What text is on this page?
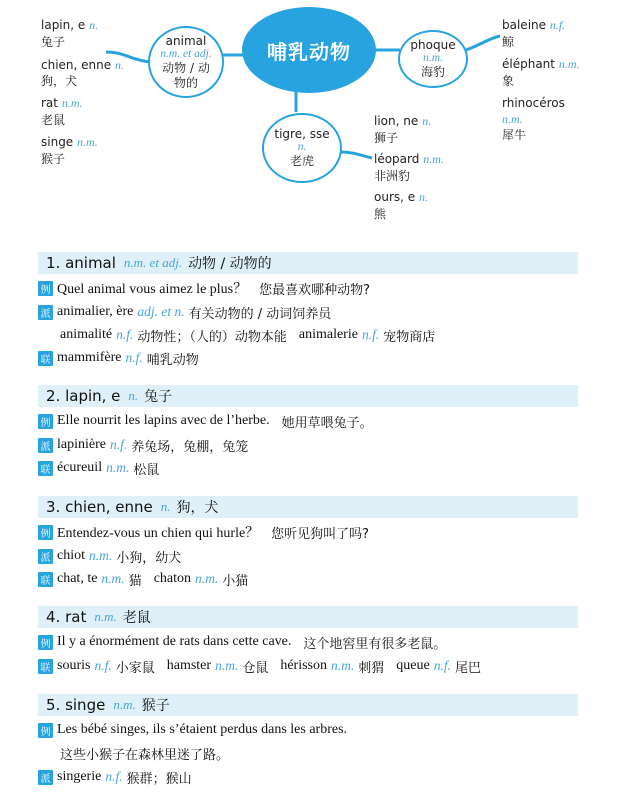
lapin, e n.
兔子
chien, enne n.
狗，犬
rat n.m.
老鼠
singe n.m.
猴子
animal
n.m. et adj.
动物 / 动
物的
哺乳动物	phoque
n.m.
海豹
tigre, sse
n.
老虎
lion, ne n.
狮子
léopard n.m.
非洲豹
ours, e n.
熊
baleine n.f.
鲸
éléphant n.m.
象
rhinocéros
n.m.
犀牛
1. animal n.m. et adj. 动物 / 动物的
例 Quel animal vous aimez le plus？ 您最喜欢哪种动物?
派 animalier, ère adj. et n. 有关动物的 / 动词饲养员
animalité n.f. 动物性；（人的）动物本能 animalerie n.f. 宠物商店
联 mammifère n.f. 哺乳动物
2. lapin, e n. 兔子
例 Elle nourrit les lapins avec de l’herbe. 她用草喂兔子。
派 lapinière n.f. 养兔场，兔棚，兔笼
联 écureuil n.m. 松鼠
3. chien, enne n. 狗，犬
例 Entendez-vous un chien qui hurle？ 您听见狗叫了吗?
派 chiot n.m. 小狗，幼犬
联 chat, te n.m. 猫 chaton n.m. 小猫
4. rat n.m. 老鼠
例 Il y a énormément de rats dans cette cave. 这个地窖里有很多老鼠。
联 souris n.f. 小家鼠 hamster n.m. 仓鼠 hérisson n.m. 刺猬 queue n.f. 尾巴
5. singe n.m. 猴子
例 Les bébé singes, ils s’étaient perdus dans les arbres.
这些小猴子在森林里迷了路。
派 singerie n.f. 猴群；猴山
